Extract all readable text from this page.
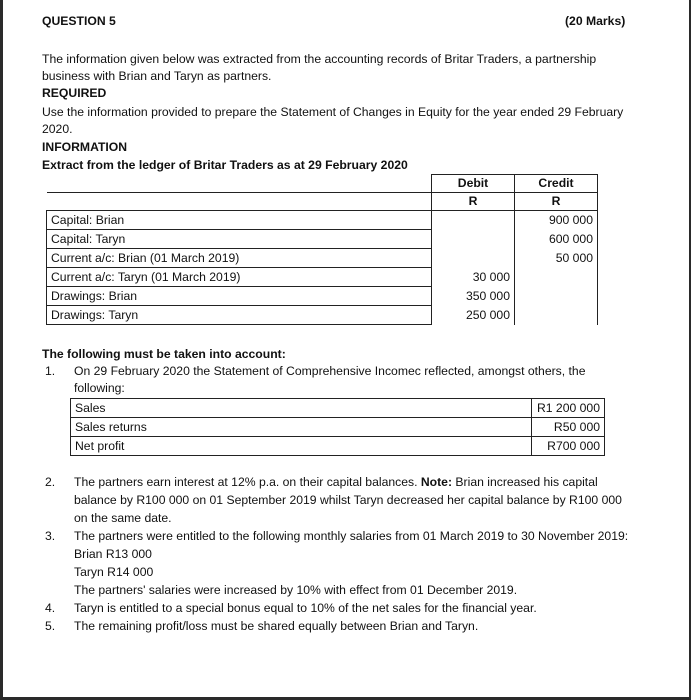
QUESTION 5	(20 Marks)
The information given below was extracted from the accounting records of Britar Traders, a partnership
business with Brian and Taryn as partners.
REQUIRED
Use the information provided to prepare the Statement of Changes in Equity for the year ended 29 February
2020.
INFORMATION
Extract from the ledger of Britar Traders as at 29 February 2020
	Debit	Credit
	R	R
Capital: Brian		900 000
Capital: Taryn		600 000
Current a/c: Brian (01 March 2019)		50 000
Current a/c: Taryn (01 March 2019)	30 000	
Drawings: Brian	350 000	
Drawings: Taryn	250 000	
The following must be taken into account:
1. On 29 February 2020 the Statement of Comprehensive Incomec reflected, amongst others, the
following:
Sales	R1 200 000
Sales returns	R50 000
Net profit	R700 000
2. The partners earn interest at 12% p.a. on their capital balances. Note: Brian increased his capital
balance by R100 000 on 01 September 2019 whilst Taryn decreased her capital balance by R100 000
on the same date.
3. The partners were entitled to the following monthly salaries from 01 March 2019 to 30 November 2019:
Brian R13 000
Taryn R14 000
The partners' salaries were increased by 10% with effect from 01 December 2019.
4. Taryn is entitled to a special bonus equal to 10% of the net sales for the financial year.
5. The remaining profit/loss must be shared equally between Brian and Taryn.
